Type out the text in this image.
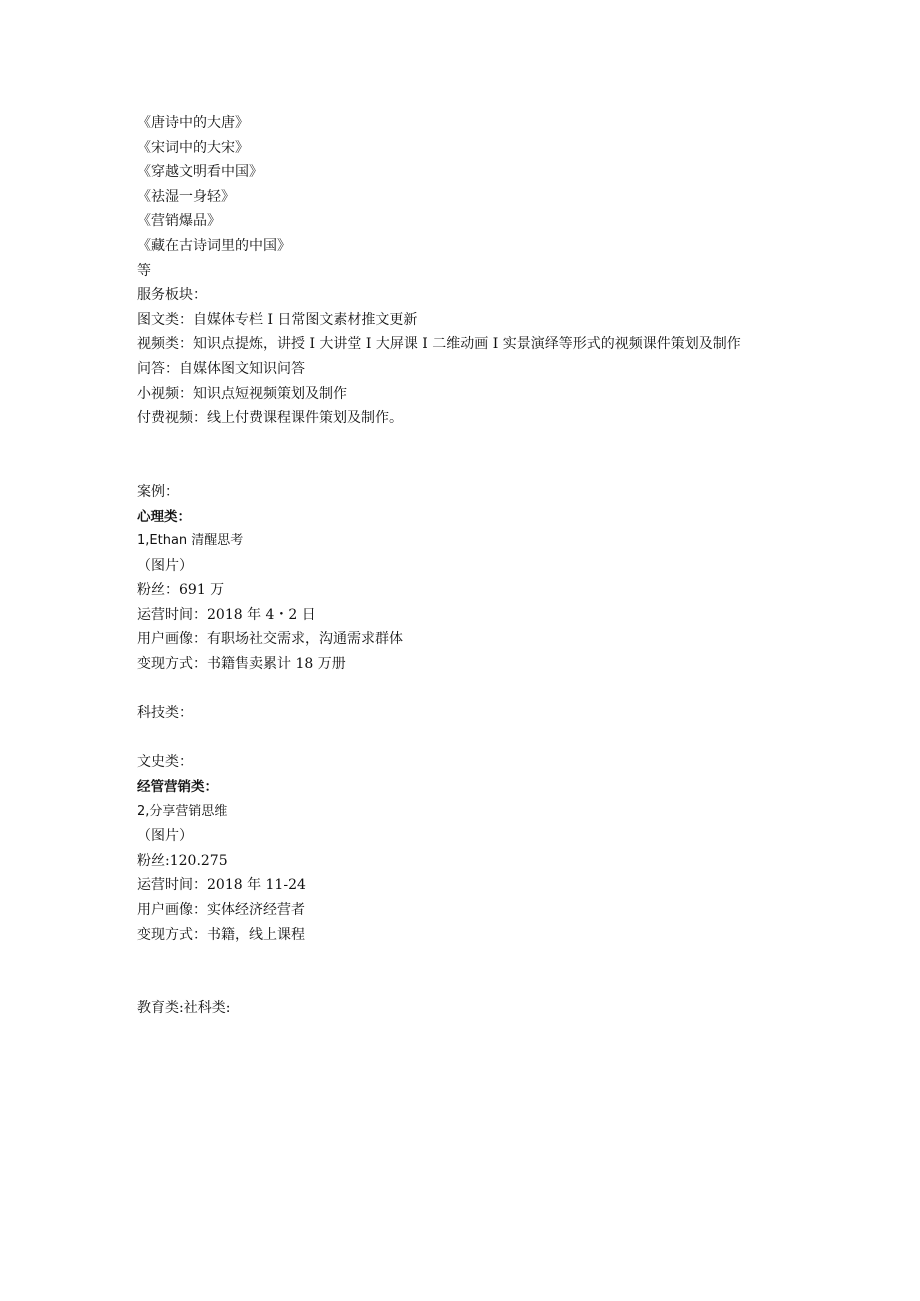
《唐诗中的大唐》
《宋词中的大宋》
《穿越文明看中国》
《祛湿一身轻》
《营销爆品》
《藏在古诗词里的中国》
等
服务板块：
图文类：自媒体专栏 I 日常图文素材推文更新
视频类：知识点提炼，讲授 I 大讲堂 I 大屏课 I 二维动画 I 实景演绎等形式的视频课件策划及制作
问答：自媒体图文知识问答
小视频：知识点短视频策划及制作
付费视频：线上付费课程课件策划及制作。
案例：
心理类：
1,Ethan 清醒思考
（图片）
粉丝：691 万
运营时间：2018 年 4・2 日
用户画像：有职场社交需求，沟通需求群体
变现方式：书籍售卖累计 18 万册
科技类：
文史类：
经管营销类：
2,分享营销思维
（图片）
粉丝:120.275
运营时间：2018 年 11-24
用户画像：实体经济经营者
变现方式：书籍，线上课程
教育类:社科类:
